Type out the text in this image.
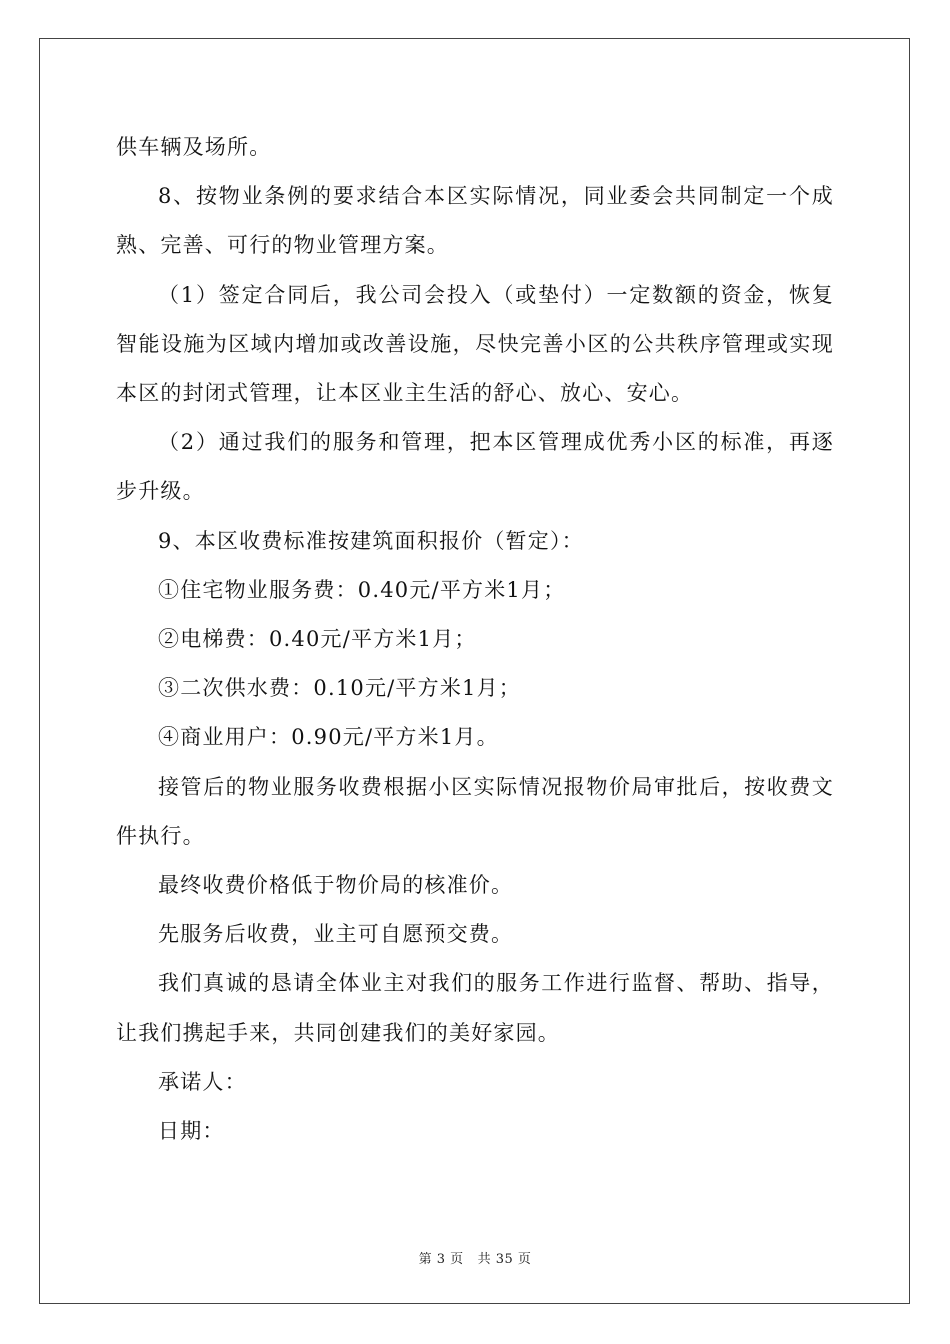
供车辆及场所。

8、按物业条例的要求结合本区实际情况，同业委会共同制定一个成熟、完善、可行的物业管理方案。

（1）签定合同后，我公司会投入（或垫付）一定数额的资金，恢复智能设施为区域内增加或改善设施，尽快完善小区的公共秩序管理或实现本区的封闭式管理，让本区业主生活的舒心、放心、安心。

（2）通过我们的服务和管理，把本区管理成优秀小区的标准，再逐步升级。

9、本区收费标准按建筑面积报价（暂定）：

①住宅物业服务费：0.40元/平方米1月；

②电梯费：0.40元/平方米1月；

③二次供水费：0.10元/平方米1月；

④商业用户：0.90元/平方米1月。

接管后的物业服务收费根据小区实际情况报物价局审批后，按收费文件执行。

最终收费价格低于物价局的核准价。

先服务后收费，业主可自愿预交费。

我们真诚的恳请全体业主对我们的服务工作进行监督、帮助、指导，让我们携起手来，共同创建我们的美好家园。

承诺人：

日期：

第 3 页 共 35 页
